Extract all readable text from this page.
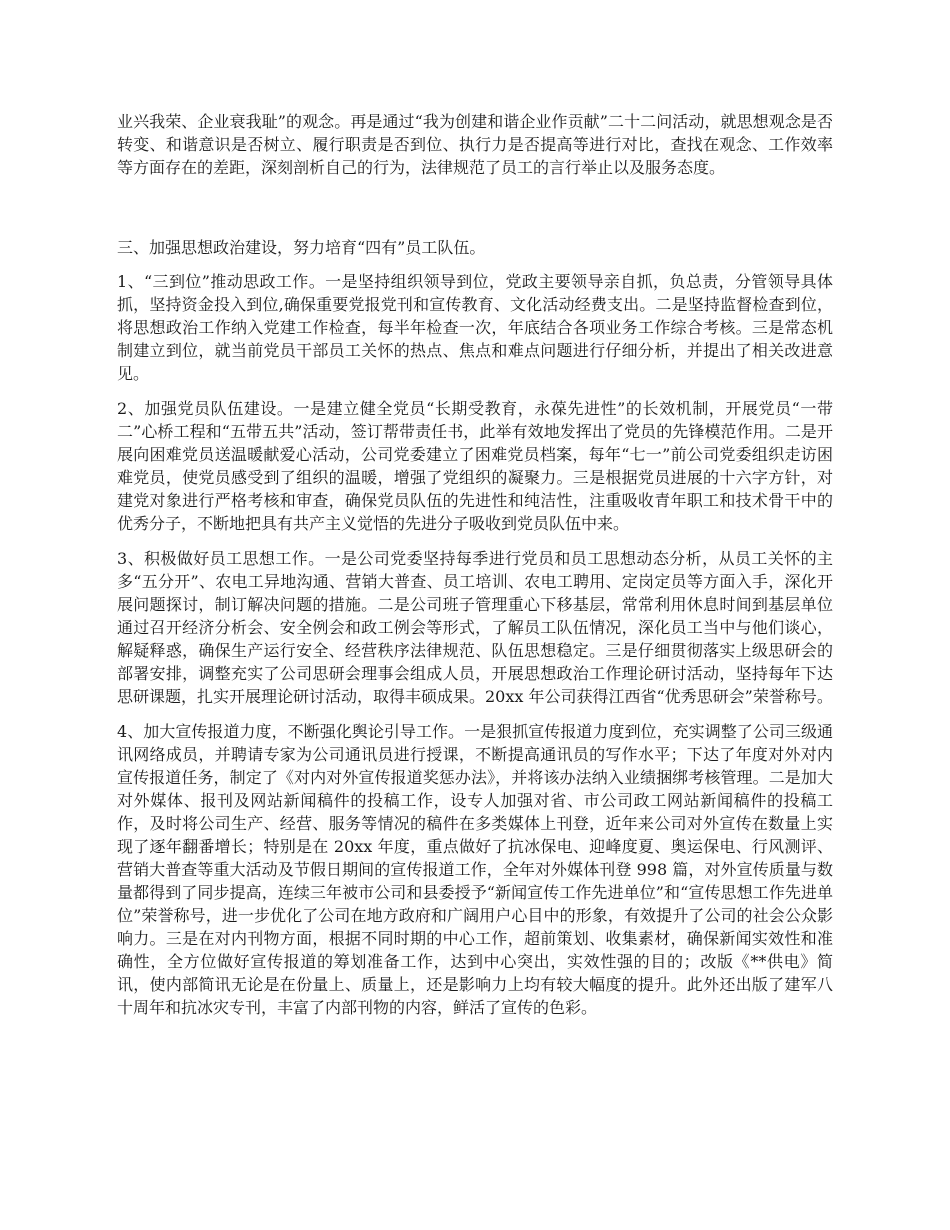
业兴我荣、企业衰我耻”的观念。再是通过“我为创建和谐企业作贡献”二十二问活动，就思想观念是否转变、和谐意识是否树立、履行职责是否到位、执行力是否提高等进行对比，查找在观念、工作效率等方面存在的差距，深刻剖析自己的行为，法律规范了员工的言行举止以及服务态度。

三、加强思想政治建设，努力培育“四有”员工队伍。

1、“三到位”推动思政工作。一是坚持组织领导到位，党政主要领导亲自抓，负总责，分管领导具体抓，坚持资金投入到位,确保重要党报党刊和宣传教育、文化活动经费支出。二是坚持监督检查到位，将思想政治工作纳入党建工作检查，每半年检查一次，年底结合各项业务工作综合考核。三是常态机制建立到位，就当前党员干部员工关怀的热点、焦点和难点问题进行仔细分析，并提出了相关改进意见。

2、加强党员队伍建设。一是建立健全党员“长期受教育，永葆先进性”的长效机制，开展党员“一带二”心桥工程和“五带五共”活动，签订帮带责任书，此举有效地发挥出了党员的先锋模范作用。二是开展向困难党员送温暖献爱心活动，公司党委建立了困难党员档案，每年“七一”前公司党委组织走访困难党员，使党员感受到了组织的温暖，增强了党组织的凝聚力。三是根据党员进展的十六字方针，对建党对象进行严格考核和审查，确保党员队伍的先进性和纯洁性，注重吸收青年职工和技术骨干中的优秀分子，不断地把具有共产主义觉悟的先进分子吸收到党员队伍中来。

3、积极做好员工思想工作。一是公司党委坚持每季进行党员和员工思想动态分析，从员工关怀的主多“五分开”、农电工异地沟通、营销大普查、员工培训、农电工聘用、定岗定员等方面入手，深化开展问题探讨，制订解决问题的措施。二是公司班子管理重心下移基层，常常利用休息时间到基层单位通过召开经济分析会、安全例会和政工例会等形式，了解员工队伍情况，深化员工当中与他们谈心，解疑释惑，确保生产运行安全、经营秩序法律规范、队伍思想稳定。三是仔细贯彻落实上级思研会的部署安排，调整充实了公司思研会理事会组成人员，开展思想政治工作理论研讨活动，坚持每年下达思研课题，扎实开展理论研讨活动，取得丰硕成果。20xx 年公司获得江西省“优秀思研会”荣誉称号。

4、加大宣传报道力度，不断强化舆论引导工作。一是狠抓宣传报道力度到位，充实调整了公司三级通讯网络成员，并聘请专家为公司通讯员进行授课，不断提高通讯员的写作水平；下达了年度对外对内宣传报道任务，制定了《对内对外宣传报道奖惩办法》，并将该办法纳入业绩捆绑考核管理。二是加大对外媒体、报刊及网站新闻稿件的投稿工作，设专人加强对省、市公司政工网站新闻稿件的投稿工作，及时将公司生产、经营、服务等情况的稿件在多类媒体上刊登，近年来公司对外宣传在数量上实现了逐年翻番增长；特别是在 20xx 年度，重点做好了抗冰保电、迎峰度夏、奥运保电、行风测评、营销大普查等重大活动及节假日期间的宣传报道工作，全年对外媒体刊登 998 篇，对外宣传质量与数量都得到了同步提高，连续三年被市公司和县委授予“新闻宣传工作先进单位”和“宣传思想工作先进单位”荣誉称号，进一步优化了公司在地方政府和广阔用户心目中的形象，有效提升了公司的社会公众影响力。三是在对内刊物方面，根据不同时期的中心工作，超前策划、收集素材，确保新闻实效性和准确性，全方位做好宣传报道的筹划准备工作，达到中心突出，实效性强的目的；改版《**供电》简讯，使内部简讯无论是在份量上、质量上，还是影响力上均有较大幅度的提升。此外还出版了建军八十周年和抗冰灾专刊，丰富了内部刊物的内容，鲜活了宣传的色彩。
